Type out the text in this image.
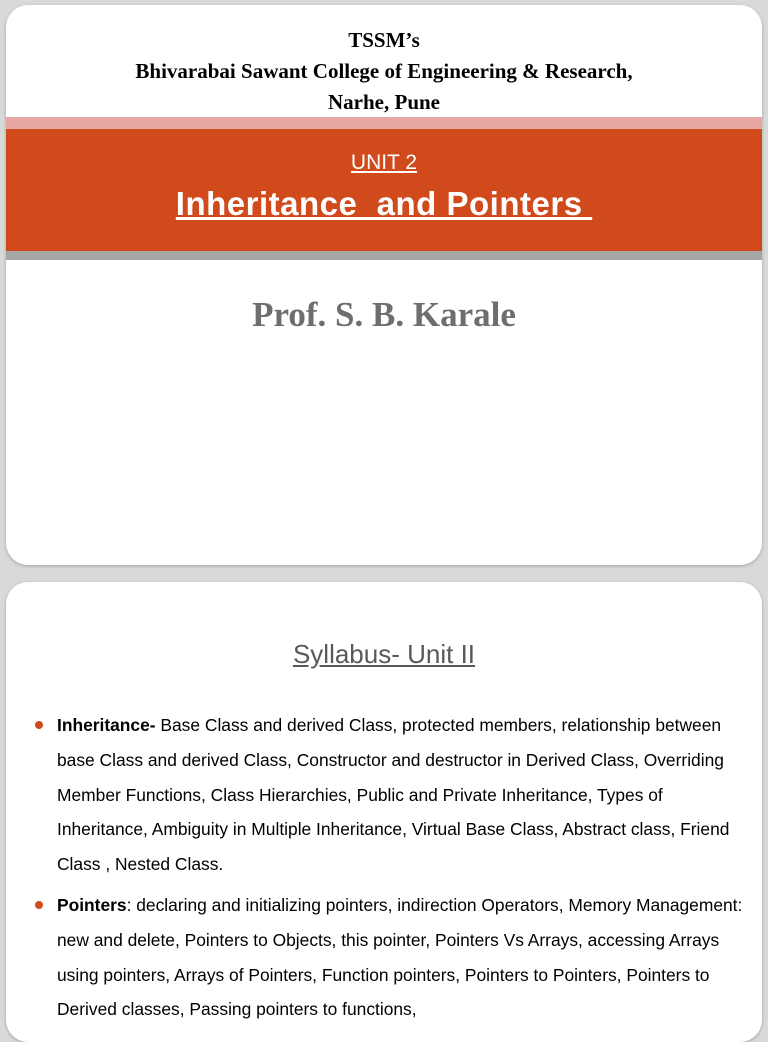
TSSM’s
Bhivarabai Sawant College of Engineering & Research,
Narhe, Pune
UNIT 2
Inheritance  and Pointers
Prof. S. B. Karale
Syllabus- Unit II
Inheritance- Base Class and derived Class, protected members, relationship between base Class and derived Class, Constructor and destructor in Derived Class, Overriding Member Functions, Class Hierarchies, Public and Private Inheritance, Types of Inheritance, Ambiguity in Multiple Inheritance, Virtual Base Class, Abstract class, Friend Class , Nested Class.
Pointers: declaring and initializing pointers, indirection Operators, Memory Management: new and delete, Pointers to Objects, this pointer, Pointers Vs Arrays, accessing Arrays using pointers, Arrays of Pointers, Function pointers, Pointers to Pointers, Pointers to Derived classes, Passing pointers to functions,
